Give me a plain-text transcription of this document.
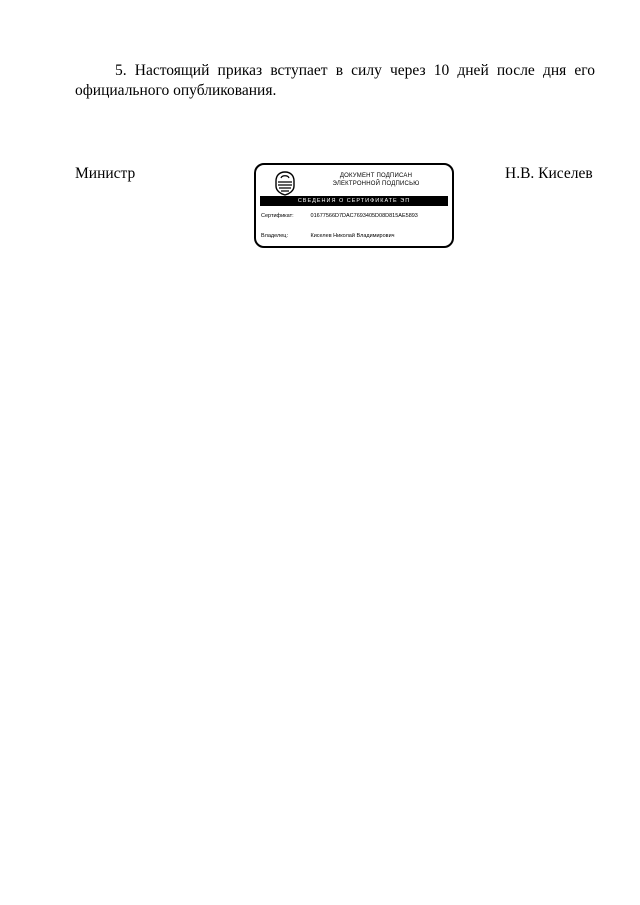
5. Настоящий приказ вступает в силу через 10 дней после дня его официального опубликования.
Министр	ДОКУМЕНТ ПОДПИСАН
ЭЛЕКТРОННОЙ ПОДПИСЬЮ
СВЕДЕНИЯ О СЕРТИФИКАТЕ ЭП
Сертификат:	01677566D7DAC7693405D08D815AE5893
Владелец:	Киселев Николай Владимирович
Н.В. Киселев
